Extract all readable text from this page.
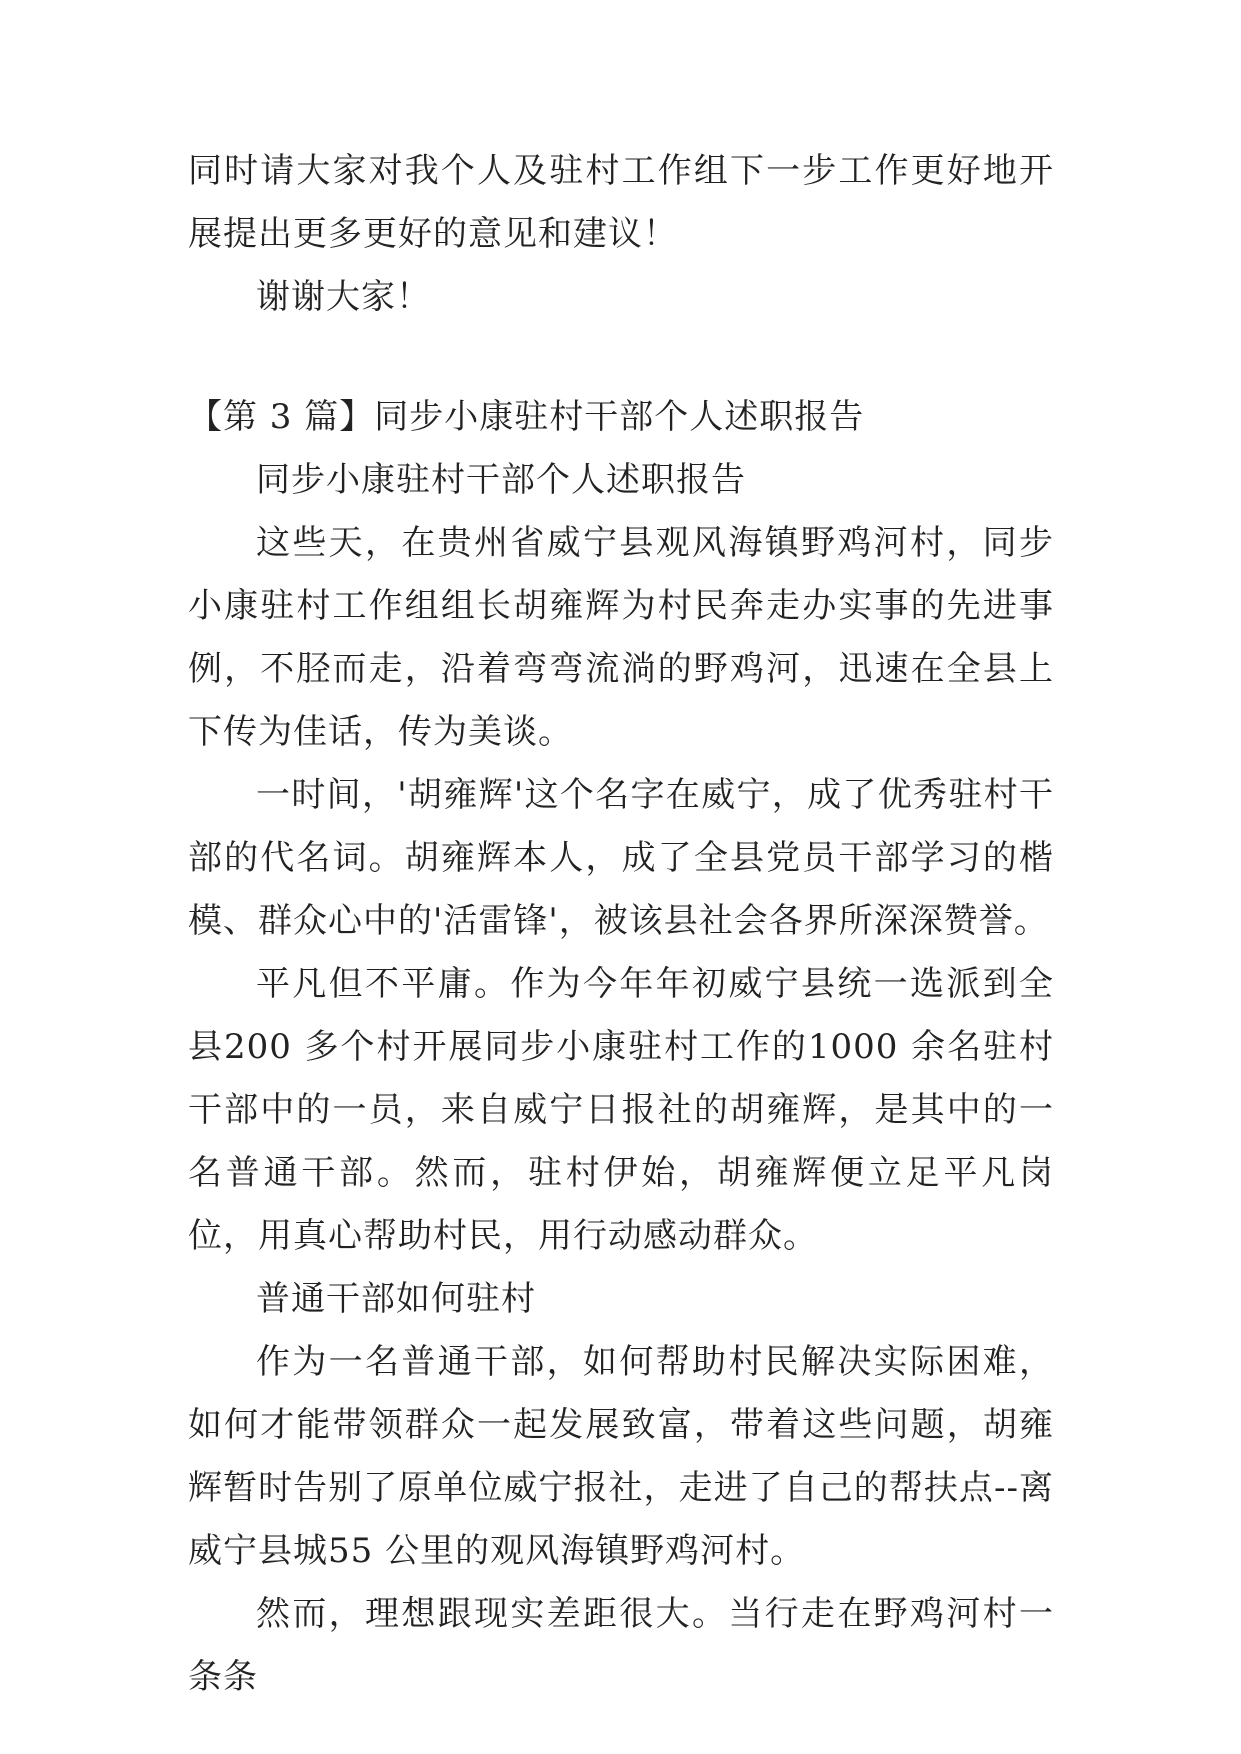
同时请大家对我个人及驻村工作组下一步工作更好地开展提出更多更好的意见和建议！

谢谢大家！

【第 3 篇】同步小康驻村干部个人述职报告

同步小康驻村干部个人述职报告

这些天，在贵州省威宁县观风海镇野鸡河村，同步小康驻村工作组组长胡雍辉为村民奔走办实事的先进事例，不胫而走，沿着弯弯流淌的野鸡河，迅速在全县上下传为佳话，传为美谈。

一时间，'胡雍辉'这个名字在威宁，成了优秀驻村干部的代名词。胡雍辉本人，成了全县党员干部学习的楷模、群众心中的'活雷锋'，被该县社会各界所深深赞誉。

平凡但不平庸。作为今年年初威宁县统一选派到全县200 多个村开展同步小康驻村工作的1000 余名驻村干部中的一员，来自威宁日报社的胡雍辉，是其中的一名普通干部。然而，驻村伊始，胡雍辉便立足平凡岗位，用真心帮助村民，用行动感动群众。

普通干部如何驻村

作为一名普通干部，如何帮助村民解决实际困难，如何才能带领群众一起发展致富，带着这些问题，胡雍辉暂时告别了原单位威宁报社，走进了自己的帮扶点--离威宁县城55 公里的观风海镇野鸡河村。

然而，理想跟现实差距很大。当行走在野鸡河村一条条
